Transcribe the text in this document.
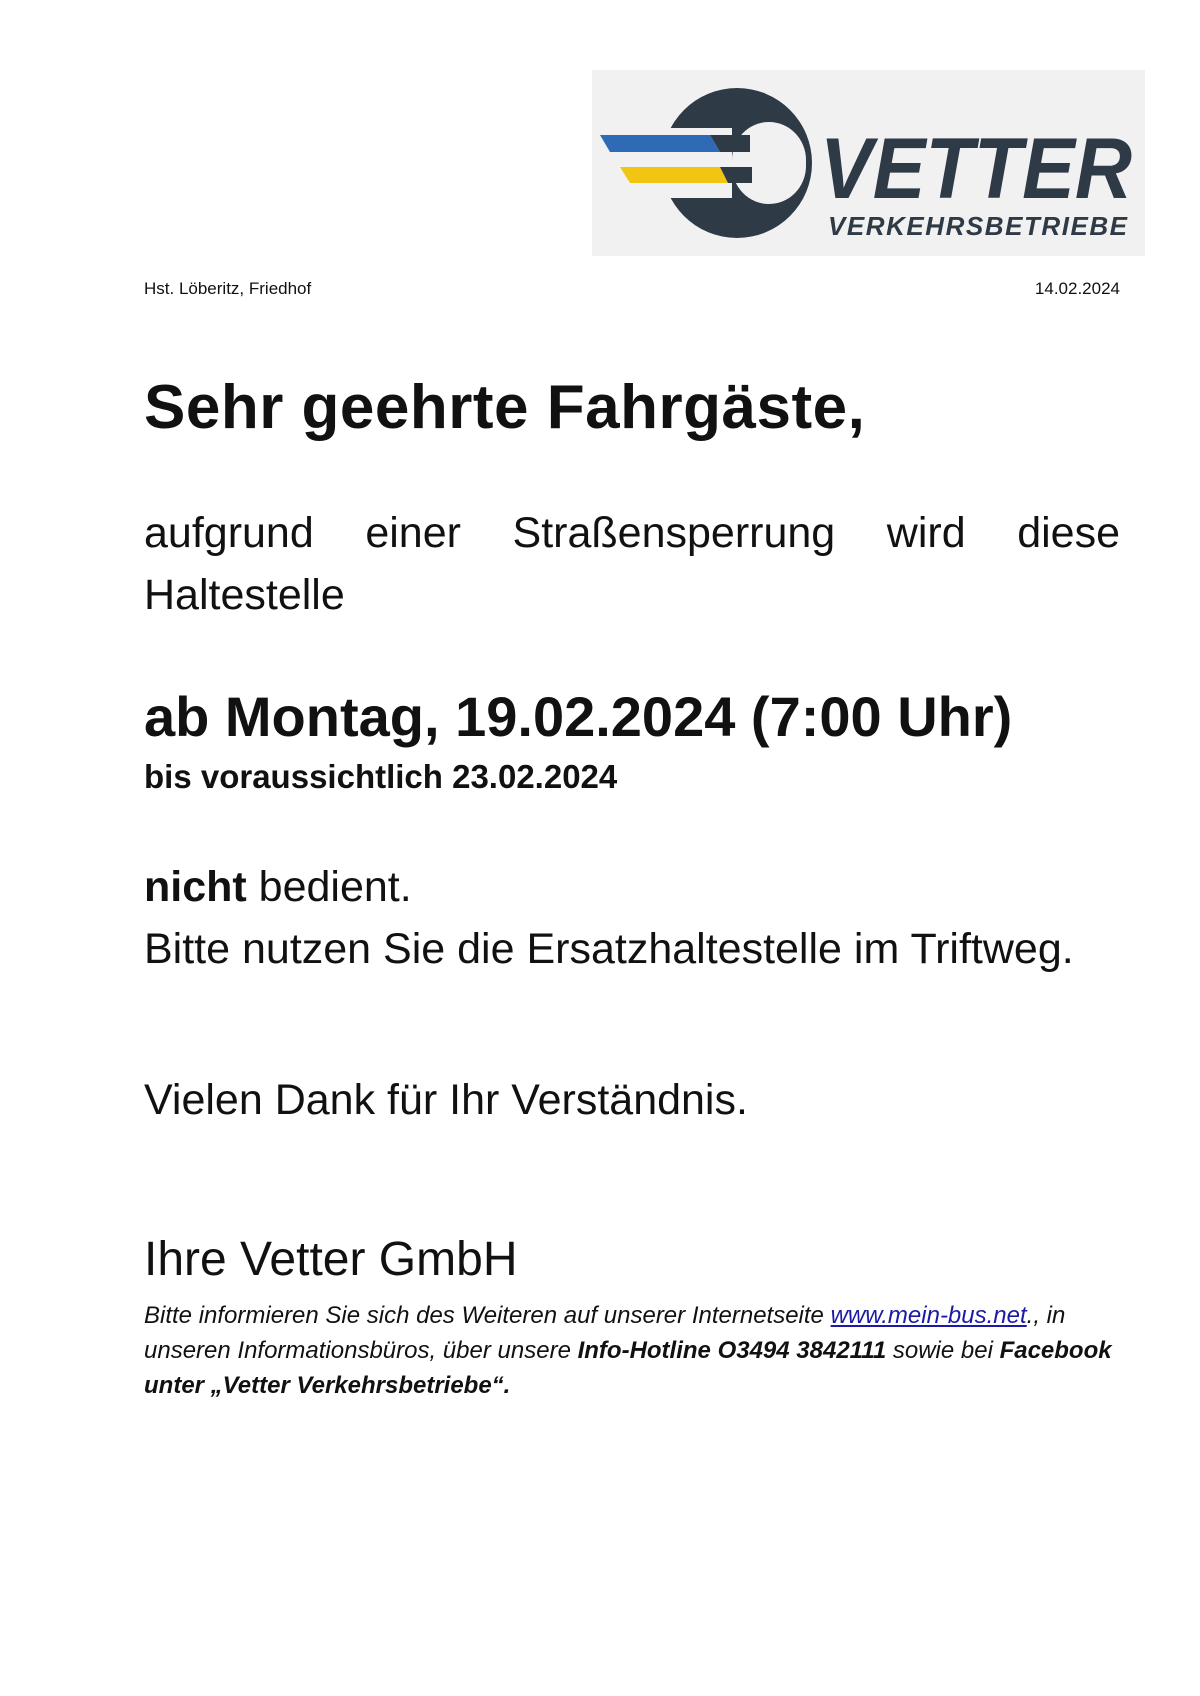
VETTER
VERKEHRSBETRIEBE
Hst. Löberitz, Friedhof	14.02.2024
Sehr geehrte Fahrgäste,

aufgrund einer Straßensperrung wird diese Haltestelle

ab Montag, 19.02.2024 (7:00 Uhr)

bis voraussichtlich 23.02.2024

nicht bedient.
Bitte nutzen Sie die Ersatzhaltestelle im Triftweg.

Vielen Dank für Ihr Verständnis.

Ihre Vetter GmbH

Bitte informieren Sie sich des Weiteren auf unserer Internetseite www.mein-bus.net., in unseren Informationsbüros, über unsere Info-Hotline O3494 3842111 sowie bei Facebook unter „Vetter Verkehrsbetriebe“.
